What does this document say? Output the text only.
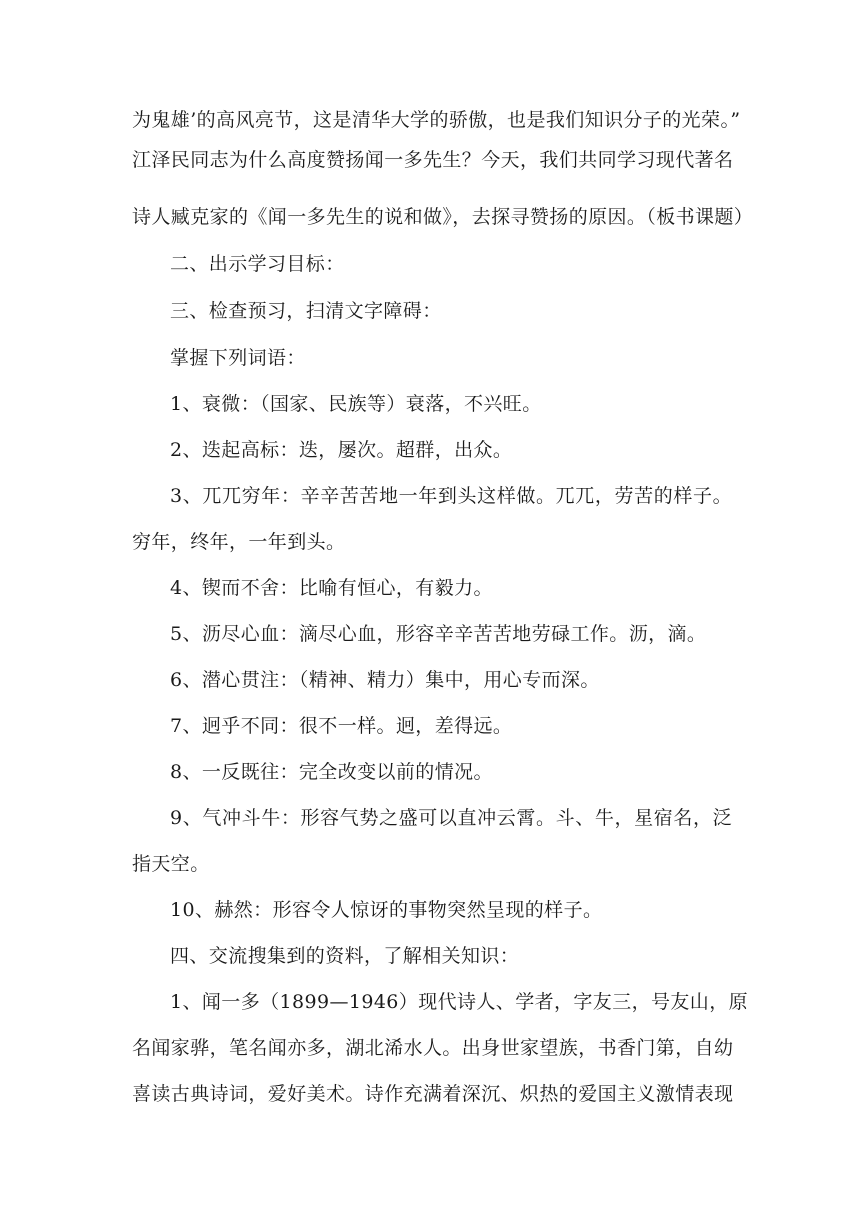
为鬼雄’的高风亮节，这是清华大学的骄傲，也是我们知识分子的光荣。”
江泽民同志为什么高度赞扬闻一多先生？今天，我们共同学习现代著名
诗人臧克家的《闻一多先生的说和做》，去探寻赞扬的原因。（板书课题）
二、出示学习目标：
三、检查预习，扫清文字障碍：
掌握下列词语：
1、衰微：（国家、民族等）衰落，不兴旺。
2、迭起高标：迭，屡次。超群，出众。
3、兀兀穷年：辛辛苦苦地一年到头这样做。兀兀，劳苦的样子。
穷年，终年，一年到头。
4、锲而不舍：比喻有恒心，有毅力。
5、沥尽心血：滴尽心血，形容辛辛苦苦地劳碌工作。沥，滴。
6、潜心贯注：（精神、精力）集中，用心专而深。
7、迥乎不同：很不一样。迥，差得远。
8、一反既往：完全改变以前的情况。
9、气冲斗牛：形容气势之盛可以直冲云霄。斗、牛，星宿名，泛
指天空。
10、赫然：形容令人惊讶的事物突然呈现的样子。
四、交流搜集到的资料，了解相关知识：
1、闻一多（1899—1946）现代诗人、学者，字友三，号友山，原
名闻家骅，笔名闻亦多，湖北浠水人。出身世家望族，书香门第，自幼
喜读古典诗词，爱好美术。诗作充满着深沉、炽热的爱国主义激情表现
